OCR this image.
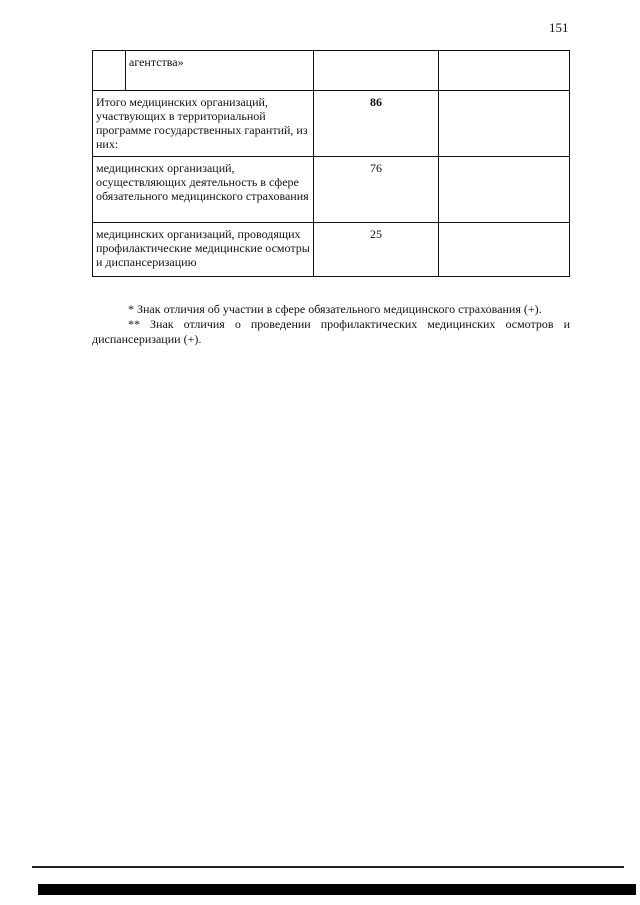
151
	агентства»		
Итого медицинских организаций, участвующих в территориальной программе государственных гарантий, из них:		86	
медицинских организаций, осуществляющих деятельность в сфере обязательного медицинского страхования		76	
медицинских организаций, проводящих профилактические медицинские осмотры и диспансеризацию		25	

* Знак отличия об участии в сфере обязательного медицинского страхования (+).

** Знак отличия о проведении профилактических медицинских осмотров и диспансеризации (+).
